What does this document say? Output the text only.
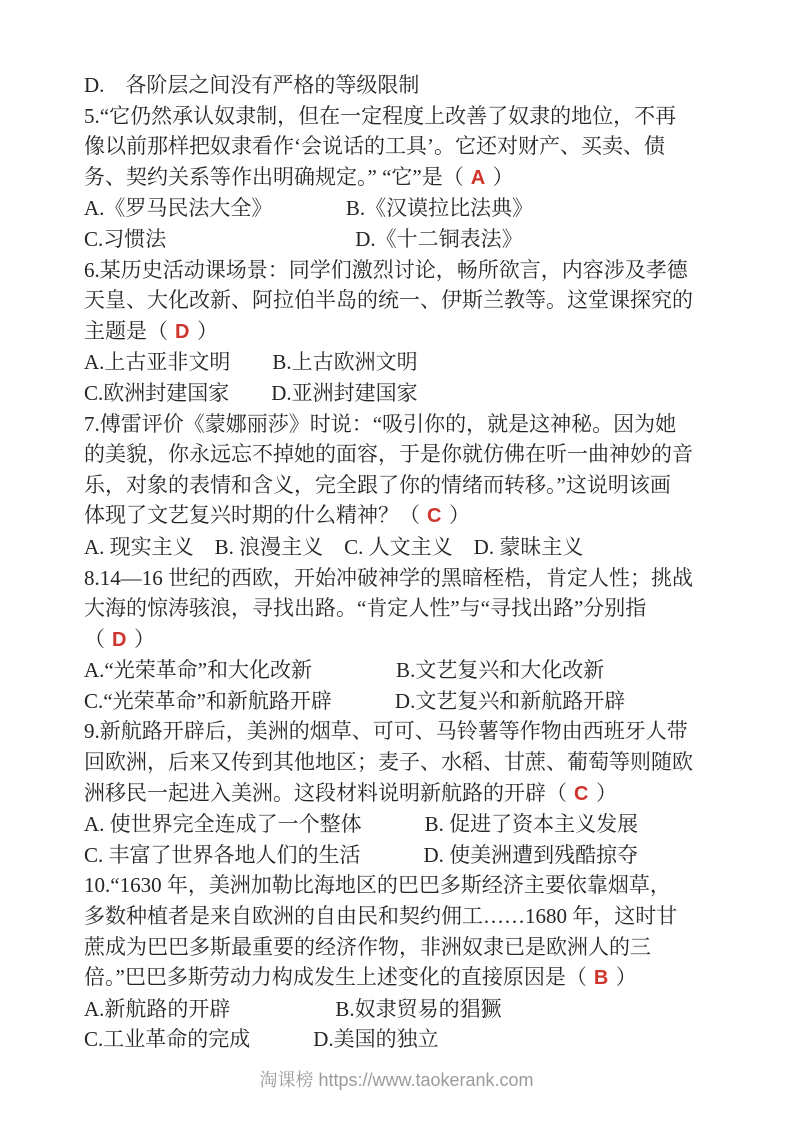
D.　各阶层之间没有严格的等级限制

5.“它仍然承认奴隶制，但在一定程度上改善了奴隶的地位，不再

像以前那样把奴隶看作‘会说话的工具’。它还对财产、买卖、债

务、契约关系等作出明确规定。” “它”是（ A ）

A.《罗马民法大全》　　　　B.《汉谟拉比法典》

C.习惯法　　　　　　　　　D.《十二铜表法》

6.某历史活动课场景：同学们激烈讨论，畅所欲言，内容涉及孝德

天皇、大化改新、阿拉伯半岛的统一、伊斯兰教等。这堂课探究的

主题是（ D ）

A.上古亚非文明　　B.上古欧洲文明

C.欧洲封建国家　　D.亚洲封建国家

7.傅雷评价《蒙娜丽莎》时说：“吸引你的，就是这神秘。因为她

的美貌，你永远忘不掉她的面容，于是你就仿佛在听一曲神妙的音

乐，对象的表情和含义，完全跟了你的情绪而转移。”这说明该画

体现了文艺复兴时期的什么精神？（ C ）

A. 现实主义　B. 浪漫主义　C. 人文主义　D. 蒙昧主义

8.14—16 世纪的西欧，开始冲破神学的黑暗桎梏，肯定人性；挑战

大海的惊涛骇浪，寻找出路。“肯定人性”与“寻找出路”分别指

（ D ）

A.“光荣革命”和大化改新　　　　B.文艺复兴和大化改新

C.“光荣革命”和新航路开辟　　　D.文艺复兴和新航路开辟

9.新航路开辟后，美洲的烟草、可可、马铃薯等作物由西班牙人带

回欧洲，后来又传到其他地区；麦子、水稻、甘蔗、葡萄等则随欧

洲移民一起进入美洲。这段材料说明新航路的开辟（ C ）

A. 使世界完全连成了一个整体　　　B. 促进了资本主义发展

C. 丰富了世界各地人们的生活　　　D. 使美洲遭到残酷掠夺

10.“1630 年，美洲加勒比海地区的巴巴多斯经济主要依靠烟草，

多数种植者是来自欧洲的自由民和契约佣工……1680 年，这时甘

蔗成为巴巴多斯最重要的经济作物，非洲奴隶已是欧洲人的三

倍。”巴巴多斯劳动力构成发生上述变化的直接原因是（ B ）

A.新航路的开辟　　　　　B.奴隶贸易的猖獗

C.工业革命的完成　　　D.美国的独立

淘课榜 https://www.taokerank.com
